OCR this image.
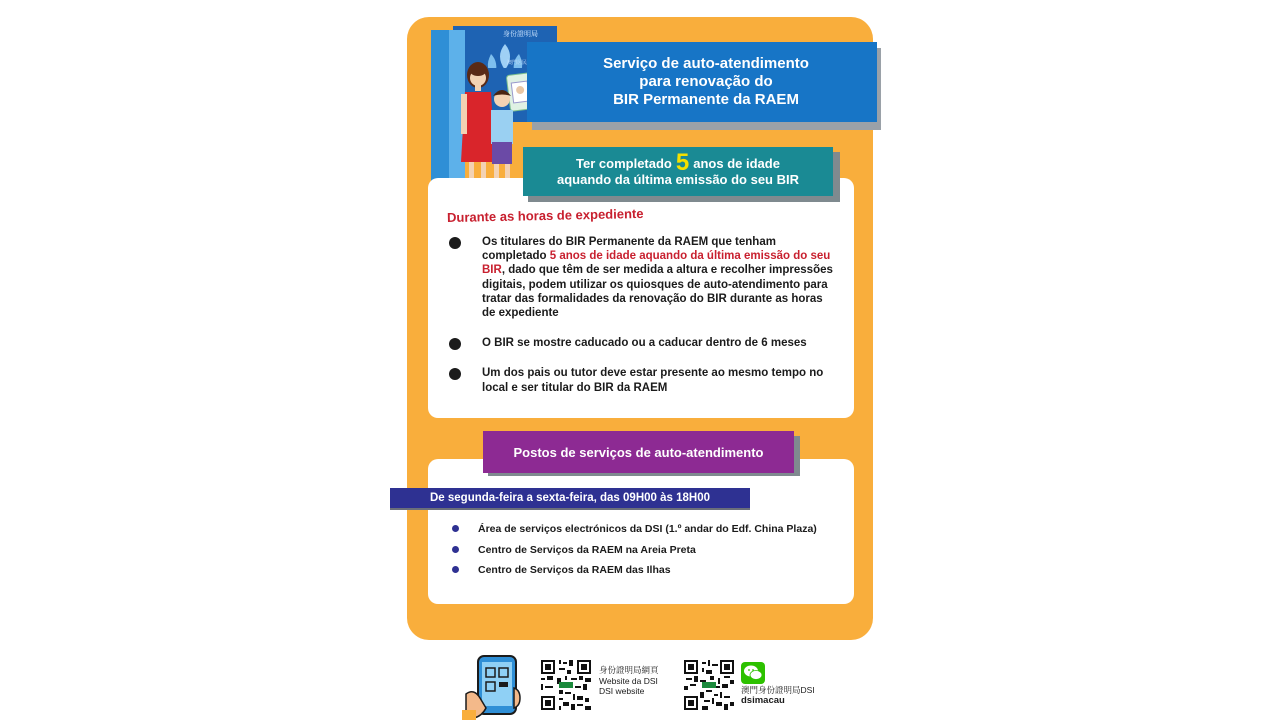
身份證明局
澳門居民	Serviço de auto-atendimento
para renovação do
BIR Permanente da RAEM
Ter completado 5 anos de idade
aquando da última emissão do seu BIR
Durante as horas de expediente
Os titulares do BIR Permanente da RAEM que tenham completado 5 anos de idade aquando da última emissão do seu BIR, dado que têm de ser medida a altura e recolher impressões digitais, podem utilizar os quiosques de auto-atendimento para tratar das formalidades da renovação do BIR durante as horas de expediente
O BIR se mostre caducado ou a caducar dentro de 6 meses
Um dos pais ou tutor deve estar presente ao mesmo tempo no local e ser titular do BIR da RAEM
Postos de serviços de auto-atendimento
De segunda-feira a sexta-feira, das 09H00 às 18H00
Área de serviços electrónicos da DSI (1.º andar do Edf. China Plaza)
Centro de Serviços da RAEM na Areia Preta
Centro de Serviços da RAEM das Ilhas
身份證明局網頁
Website da DSI
DSI website	澳門身份證明局DSI
dsimacau
